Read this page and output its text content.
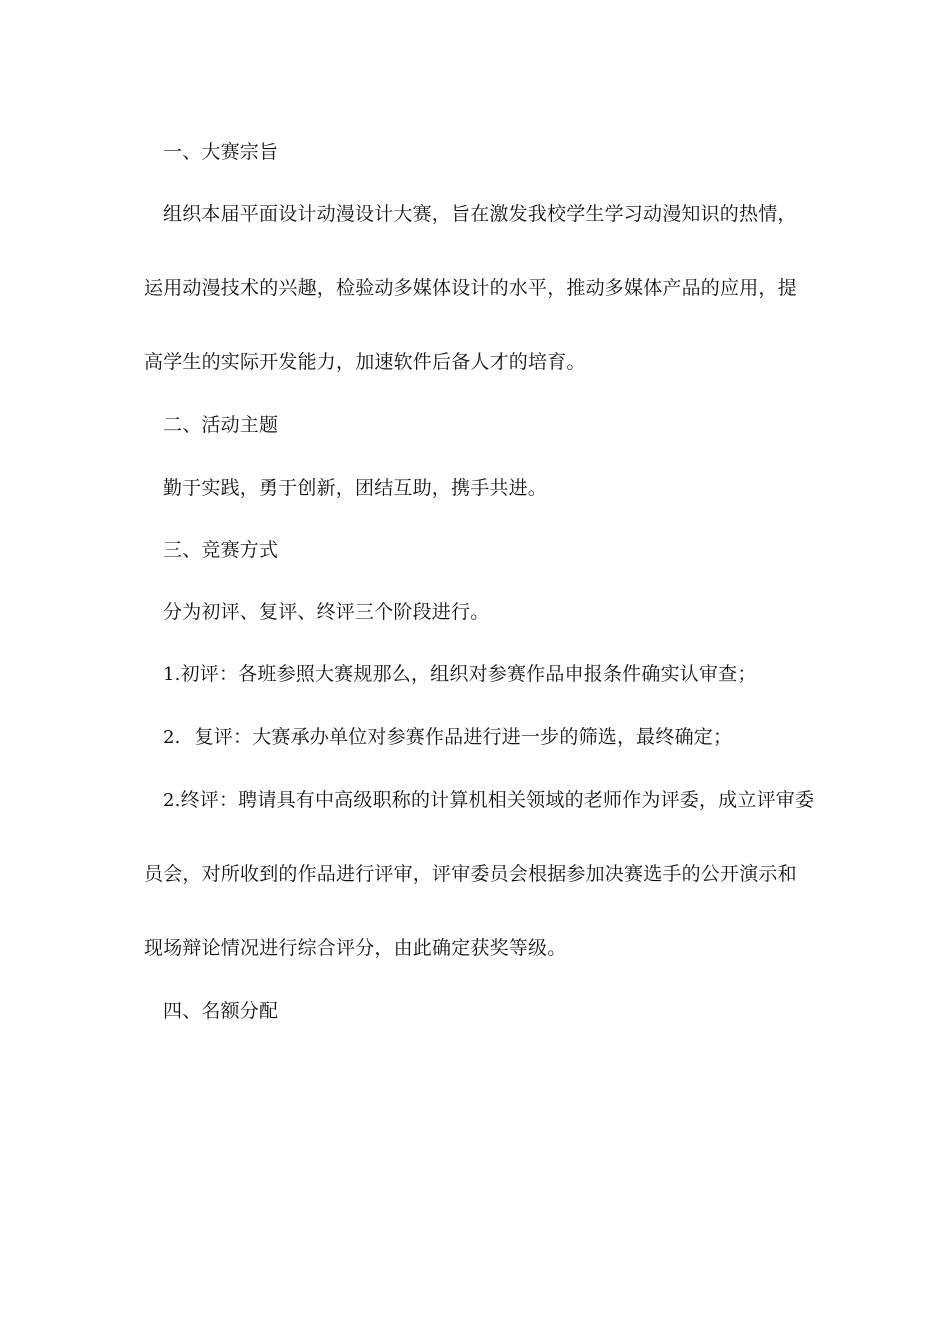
一、大赛宗旨
组织本届平面设计动漫设计大赛，旨在激发我校学生学习动漫知识的热情，
运用动漫技术的兴趣，检验动多媒体设计的水平，推动多媒体产品的应用，提
高学生的实际开发能力，加速软件后备人才的培育。
二、活动主题
勤于实践，勇于创新，团结互助，携手共进。
三、竞赛方式
分为初评、复评、终评三个阶段进行。
1.初评：各班参照大赛规那么，组织对参赛作品申报条件确实认审查；
2. 复评：大赛承办单位对参赛作品进行进一步的筛选，最终确定；
2.终评：聘请具有中高级职称的计算机相关领域的老师作为评委，成立评审委
员会，对所收到的作品进行评审，评审委员会根据参加决赛选手的公开演示和
现场辩论情况进行综合评分，由此确定获奖等级。
四、名额分配
